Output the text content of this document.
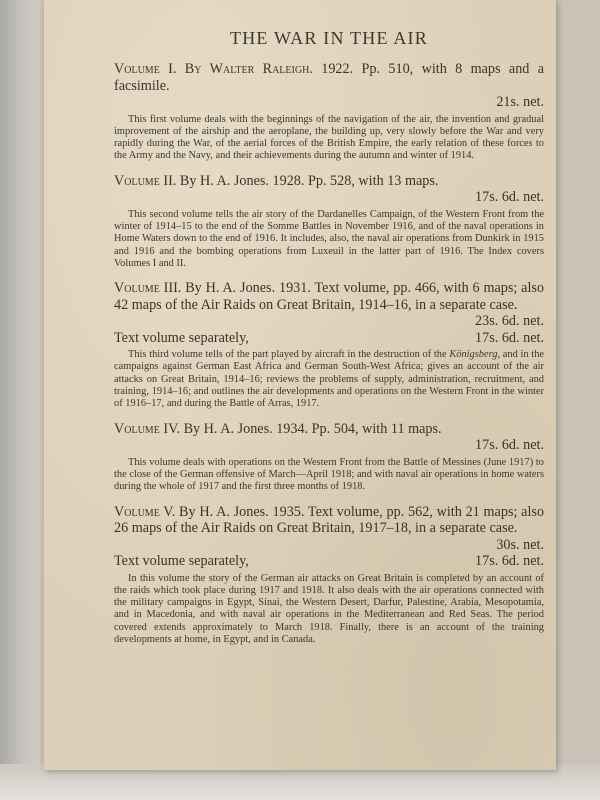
THE WAR IN THE AIR
Volume I. By Walter Raleigh. 1922. Pp. 510, with 8 maps and a facsimile.
21s. net.
This first volume deals with the beginnings of the navigation of the air, the invention and gradual improvement of the airship and the aeroplane, the building up, very slowly before the War and very rapidly during the War, of the aerial forces of the British Empire, the early relation of these forces to the Army and the Navy, and their achievements during the autumn and winter of 1914.
Volume II. By H. A. Jones. 1928. Pp. 528, with 13 maps.
17s. 6d. net.
This second volume tells the air story of the Dardanelles Campaign, of the Western Front from the winter of 1914–15 to the end of the Somme Battles in November 1916, and of the naval operations in Home Waters down to the end of 1916. It includes, also, the naval air operations from Dunkirk in 1915 and 1916 and the bombing operations from Luxeuil in the latter part of 1916. The Index covers Volumes I and II.
Volume III. By H. A. Jones. 1931. Text volume, pp. 466, with 6 maps; also 42 maps of the Air Raids on Great Britain, 1914–16, in a separate case.
23s. 6d. net.
Text volume separately,	17s. 6d. net.
This third volume tells of the part played by aircraft in the destruction of the Königsberg, and in the campaigns against German East Africa and German South-West Africa; gives an account of the air attacks on Great Britain, 1914–16; reviews the problems of supply, administration, recruitment, and training, 1914–16; and outlines the air developments and operations on the Western Front in the winter of 1916–17, and during the Battle of Arras, 1917.
Volume IV. By H. A. Jones. 1934. Pp. 504, with 11 maps.
17s. 6d. net.
This volume deals with operations on the Western Front from the Battle of Messines (June 1917) to the close of the German offensive of March—April 1918; and with naval air operations in home waters during the whole of 1917 and the first three months of 1918.
Volume V. By H. A. Jones. 1935. Text volume, pp. 562, with 21 maps; also 26 maps of the Air Raids on Great Britain, 1917–18, in a separate case.
30s. net.
Text volume separately,	17s. 6d. net.
In this volume the story of the German air attacks on Great Britain is completed by an account of the raids which took place during 1917 and 1918. It also deals with the air operations connected with the military campaigns in Egypt, Sinai, the Western Desert, Darfur, Palestine, Arabia, Mesopotamia, and in Macedonia, and with naval air operations in the Mediterranean and Red Seas. The period covered extends approximately to March 1918. Finally, there is an account of the training developments at home, in Egypt, and in Canada.
